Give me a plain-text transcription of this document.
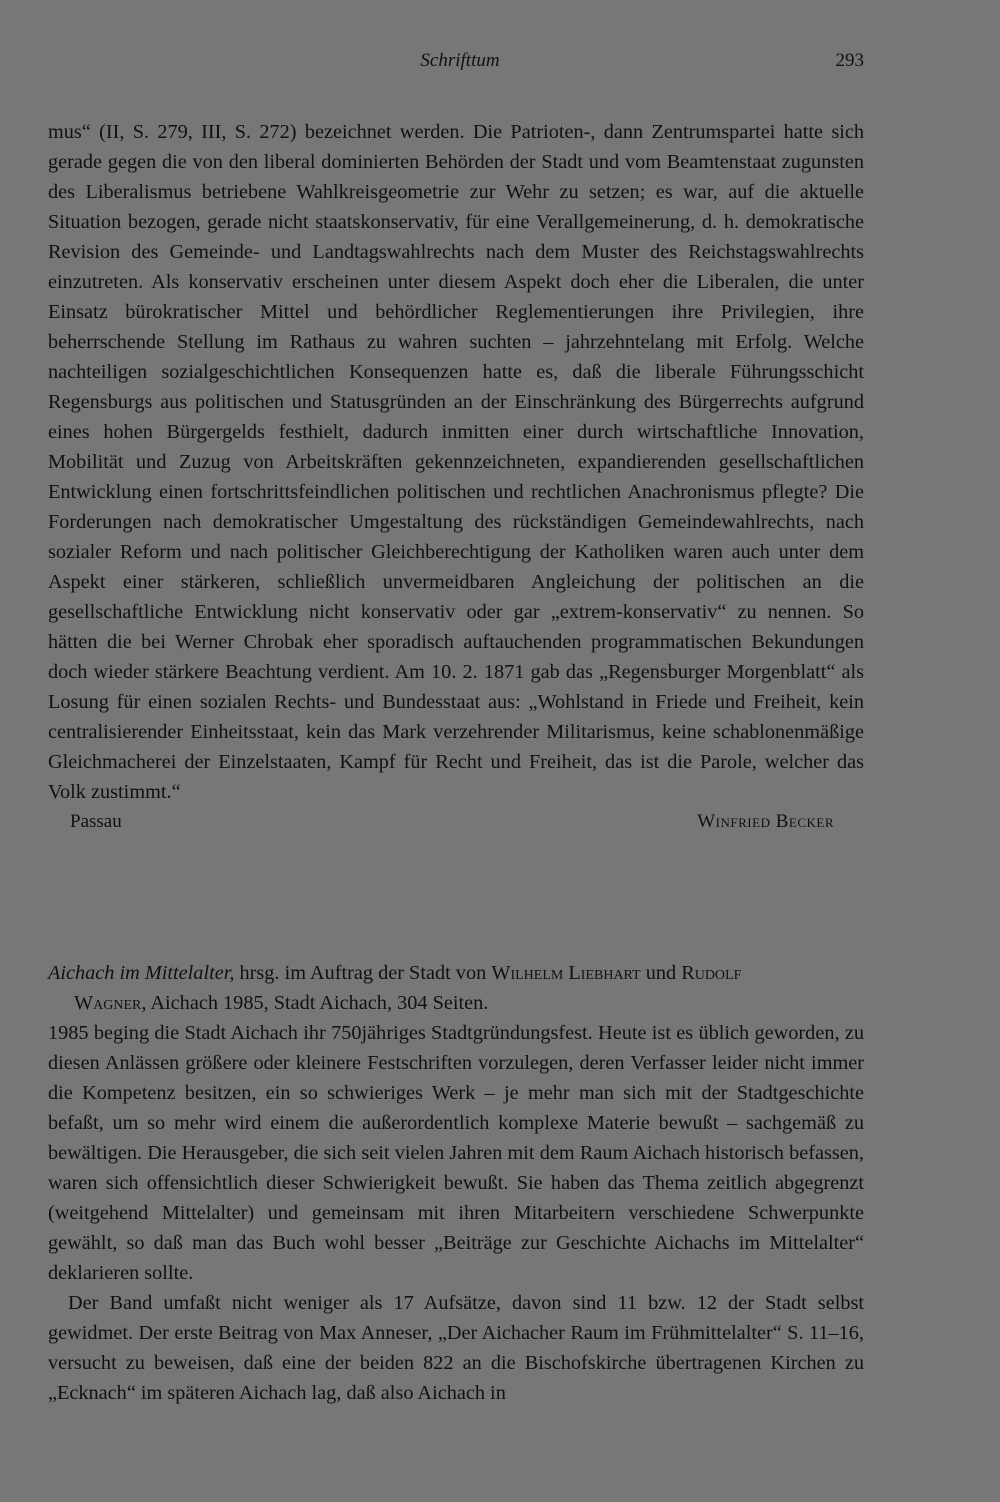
Schrifttum	293

mus“ (II, S. 279, III, S. 272) bezeichnet werden. Die Patrioten-, dann Zentrumspartei hatte sich gerade gegen die von den liberal dominierten Behörden der Stadt und vom Beamtenstaat zugunsten des Liberalismus betriebene Wahlkreisgeometrie zur Wehr zu setzen; es war, auf die aktuelle Situation bezogen, gerade nicht staatskonservativ, für eine Verallgemeinerung, d. h. demokratische Revision des Gemeinde- und Landtagswahlrechts nach dem Muster des Reichstagswahlrechts einzutreten. Als konservativ erscheinen unter diesem Aspekt doch eher die Liberalen, die unter Einsatz bürokratischer Mittel und behördlicher Reglementierungen ihre Privilegien, ihre beherrschende Stellung im Rathaus zu wahren suchten – jahrzehntelang mit Erfolg. Welche nachteiligen sozialgeschichtlichen Konsequenzen hatte es, daß die liberale Führungsschicht Regensburgs aus politischen und Statusgründen an der Einschränkung des Bürgerrechts aufgrund eines hohen Bürgergelds festhielt, dadurch inmitten einer durch wirtschaftliche Innovation, Mobilität und Zuzug von Arbeitskräften gekennzeichneten, expandierenden gesellschaftlichen Entwicklung einen fortschrittsfeindlichen politischen und rechtlichen Anachronismus pflegte? Die Forderungen nach demokratischer Umgestaltung des rückständigen Gemeindewahlrechts, nach sozialer Reform und nach politischer Gleichberechtigung der Katholiken waren auch unter dem Aspekt einer stärkeren, schließlich unvermeidbaren Angleichung der politischen an die gesellschaftliche Entwicklung nicht konservativ oder gar „extrem-konservativ“ zu nennen. So hätten die bei Werner Chrobak eher sporadisch auftauchenden programmatischen Bekundungen doch wieder stärkere Beachtung verdient. Am 10. 2. 1871 gab das „Regensburger Morgenblatt“ als Losung für einen sozialen Rechts- und Bundesstaat aus: „Wohlstand in Friede und Freiheit, kein centralisierender Einheitsstaat, kein das Mark verzehrender Militarismus, keine schablonenmäßige Gleichmacherei der Einzelstaaten, Kampf für Recht und Freiheit, das ist die Parole, welcher das Volk zustimmt.“

Passau	Winfried Becker

Aichach im Mittelalter, hrsg. im Auftrag der Stadt von Wilhelm Liebhart und Rudolf

Wagner, Aichach 1985, Stadt Aichach, 304 Seiten.

1985 beging die Stadt Aichach ihr 750jähriges Stadtgründungsfest. Heute ist es üblich geworden, zu diesen Anlässen größere oder kleinere Festschriften vorzulegen, deren Verfasser leider nicht immer die Kompetenz besitzen, ein so schwieriges Werk – je mehr man sich mit der Stadtgeschichte befaßt, um so mehr wird einem die außerordentlich komplexe Materie bewußt – sachgemäß zu bewältigen. Die Herausgeber, die sich seit vielen Jahren mit dem Raum Aichach historisch befassen, waren sich offensichtlich dieser Schwierigkeit bewußt. Sie haben das Thema zeitlich abgegrenzt (weitgehend Mittelalter) und gemeinsam mit ihren Mitarbeitern verschiedene Schwerpunkte gewählt, so daß man das Buch wohl besser „Beiträge zur Geschichte Aichachs im Mittelalter“ deklarieren sollte.

Der Band umfaßt nicht weniger als 17 Aufsätze, davon sind 11 bzw. 12 der Stadt selbst gewidmet. Der erste Beitrag von Max Anneser, „Der Aichacher Raum im Frühmittelalter“ S. 11–16, versucht zu beweisen, daß eine der beiden 822 an die Bischofskirche übertragenen Kirchen zu „Ecknach“ im späteren Aichach lag, daß also Aichach in
